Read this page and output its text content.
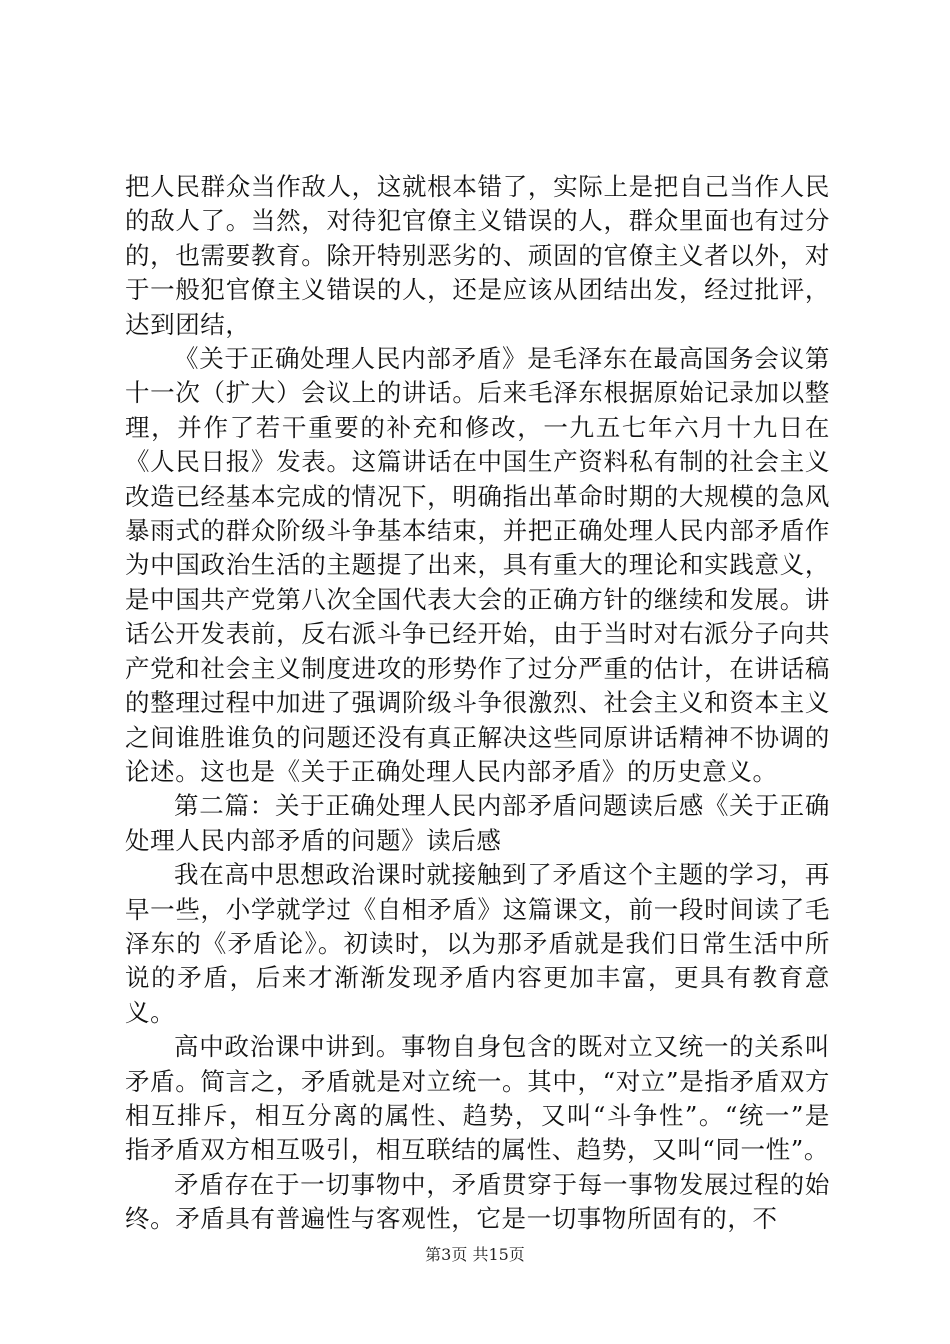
把人民群众当作敌人，这就根本错了，实际上是把自己当作人民的敌人了。当然，对待犯官僚主义错误的人，群众里面也有过分的，也需要教育。除开特别恶劣的、顽固的官僚主义者以外，对于一般犯官僚主义错误的人，还是应该从团结出发，经过批评，达到团结，

《关于正确处理人民内部矛盾》是毛泽东在最高国务会议第十一次（扩大）会议上的讲话。后来毛泽东根据原始记录加以整理，并作了若干重要的补充和修改，一九五七年六月十九日在《人民日报》发表。这篇讲话在中国生产资料私有制的社会主义改造已经基本完成的情况下，明确指出革命时期的大规模的急风暴雨式的群众阶级斗争基本结束，并把正确处理人民内部矛盾作为中国政治生活的主题提了出来，具有重大的理论和实践意义，是中国共产党第八次全国代表大会的正确方针的继续和发展。讲话公开发表前，反右派斗争已经开始，由于当时对右派分子向共产党和社会主义制度进攻的形势作了过分严重的估计，在讲话稿的整理过程中加进了强调阶级斗争很激烈、社会主义和资本主义之间谁胜谁负的问题还没有真正解决这些同原讲话精神不协调的论述。这也是《关于正确处理人民内部矛盾》的历史意义。

第二篇：关于正确处理人民内部矛盾问题读后感《关于正确处理人民内部矛盾的问题》读后感

我在高中思想政治课时就接触到了矛盾这个主题的学习，再早一些，小学就学过《自相矛盾》这篇课文，前一段时间读了毛泽东的《矛盾论》。初读时，以为那矛盾就是我们日常生活中所说的矛盾，后来才渐渐发现矛盾内容更加丰富，更具有教育意义。

高中政治课中讲到。事物自身包含的既对立又统一的关系叫矛盾。简言之，矛盾就是对立统一。其中，“对立”是指矛盾双方相互排斥，相互分离的属性、趋势，又叫“斗争性”。“统一”是指矛盾双方相互吸引，相互联结的属性、趋势，又叫“同一性”。

矛盾存在于一切事物中，矛盾贯穿于每一事物发展过程的始终。矛盾具有普遍性与客观性，它是一切事物所固有的，不

第3页 共15页
